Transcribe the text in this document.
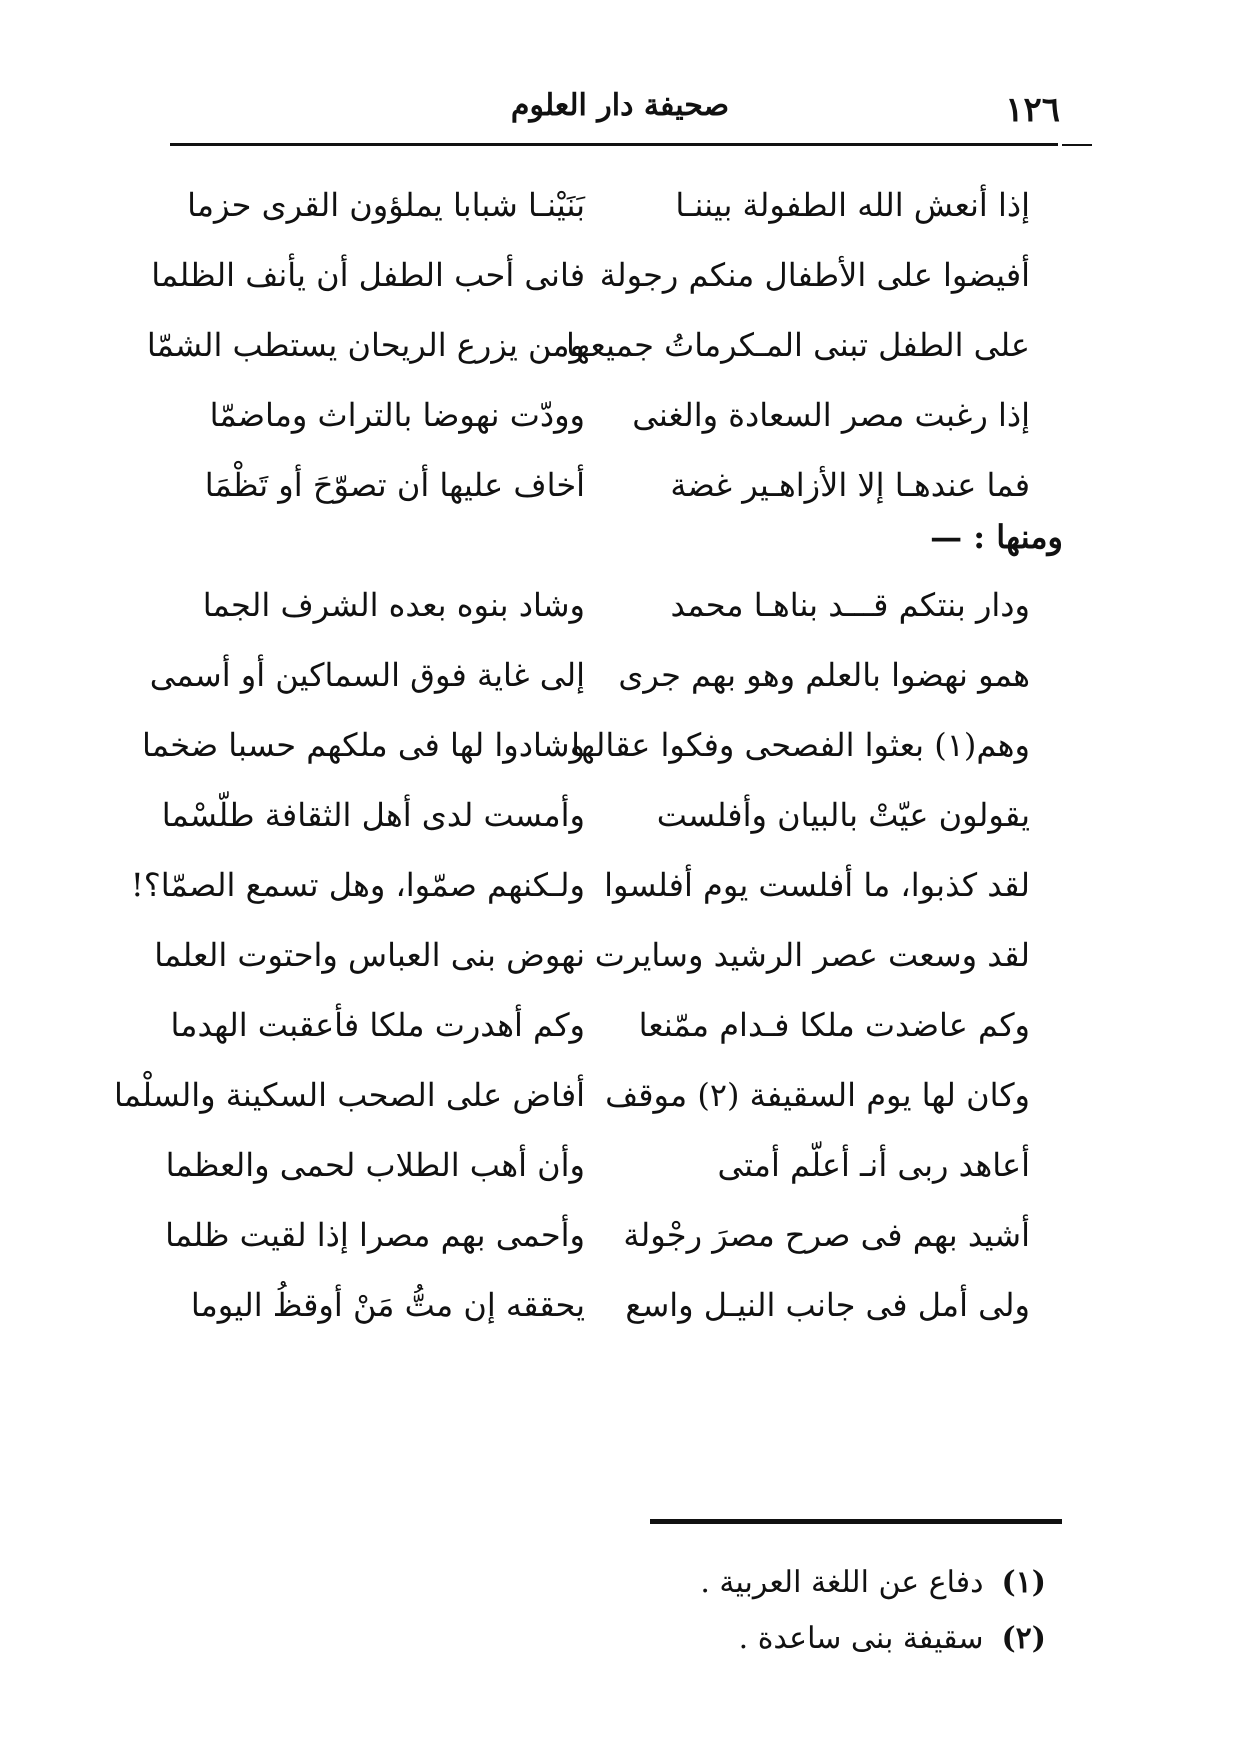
١٢٦
صحيفة دار العلوم
إذا أنعش الله الطفولة بيننـا
بَنَيْنـا شبابا يملؤون القرى حزما
أفيضوا على الأطفال منكم رجولة
فانى أحب الطفل أن يأنف الظلما
على الطفل تبنى المـكرماتُ جميعها
ومن يزرع الريحان يستطب الشمّا
إذا رغبت مصر السعادة والغنى
وودّت نهوضا بالتراث وماضمّا
فما عندهـا إلا الأزاهـير غضة
أخاف عليها أن تصوّحَ أو تَظْمَا
ومنها : —
ودار بنتكم قـــد بناهـا محمد
وشاد بنوه بعده الشرف الجما
همو نهضوا بالعلم وهو بهم جرى
إلى غاية فوق السماكين أو أسمى
وهم(١) بعثوا الفصحى وفكوا عقالها
وشادوا لها فى ملكهم حسبا ضخما
يقولون عيّتْ بالبيان وأفلست
وأمست لدى أهل الثقافة طلّسْما
لقد كذبوا، ما أفلست يوم أفلسوا
ولـكنهم صمّوا، وهل تسمع الصمّا؟!
لقد وسعت عصر الرشيد وسايرت
نهوض بنى العباس واحتوت العلما
وكم عاضدت ملكا فـدام ممّنعا
وكم أهدرت ملكا فأعقبت الهدما
وكان لها يوم السقيفة (٢) موقف
أفاض على الصحب السكينة والسلْما
أعاهد ربى أنـ أعلّم أمتى
وأن أهب الطلاب لحمى والعظما
أشيد بهم فى صرح مصرَ رجْولة
وأحمى بهم مصرا إذا لقيت ظلما
ولى أمل فى جانب النيـل واسع
يحققه إن متُّ مَنْ أوقظُ اليوما
(١)دفاع عن اللغة العربية .
(٢)سقيفة بنى ساعدة .
